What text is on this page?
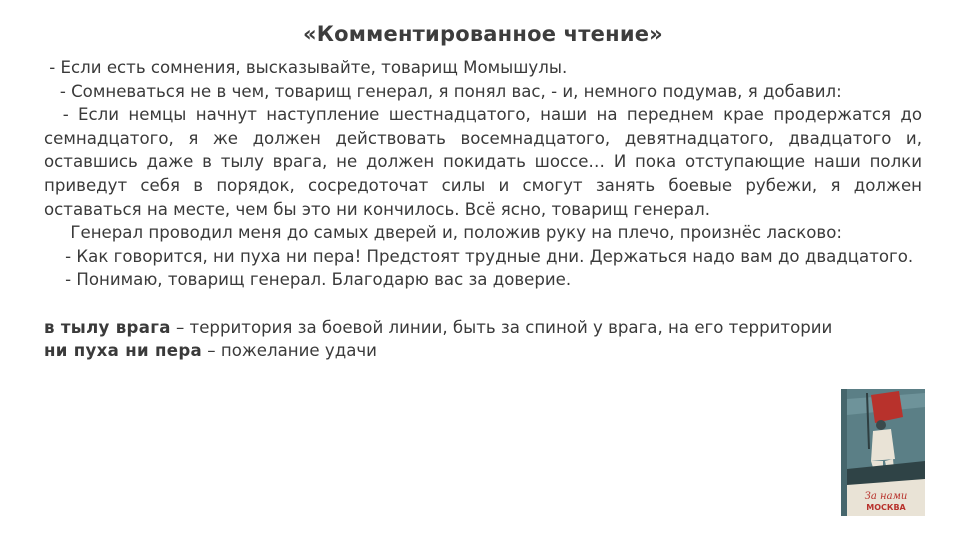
«Комментированное чтение»

- Если есть сомнения, высказывайте, товарищ Момышулы.

- Сомневаться не в чем, товарищ генерал, я понял вас, - и, немного подумав, я добавил:

- Если немцы начнут наступление шестнадцатого, наши на переднем крае продержатся до семнадцатого, я же должен действовать восемнадцатого, девятнадцатого, двадцатого и, оставшись даже в тылу врага, не должен покидать шоссе… И пока отступающие наши полки приведут себя в порядок, сосредоточат силы и смогут занять боевые рубежи, я должен оставаться на месте, чем бы это ни кончилось. Всё ясно, товарищ генерал.

Генерал проводил меня до самых дверей и, положив руку на плечо, произнёс ласково:

- Как говорится, ни пуха ни пера! Предстоят трудные дни. Держаться надо вам до двадцатого.

- Понимаю, товарищ генерал. Благодарю вас за доверие.

в тылу врага – территория за боевой линии, быть за спиной у врага, на его территории

ни пуха ни пера – пожелание удачи

За нами
МОСКВА
